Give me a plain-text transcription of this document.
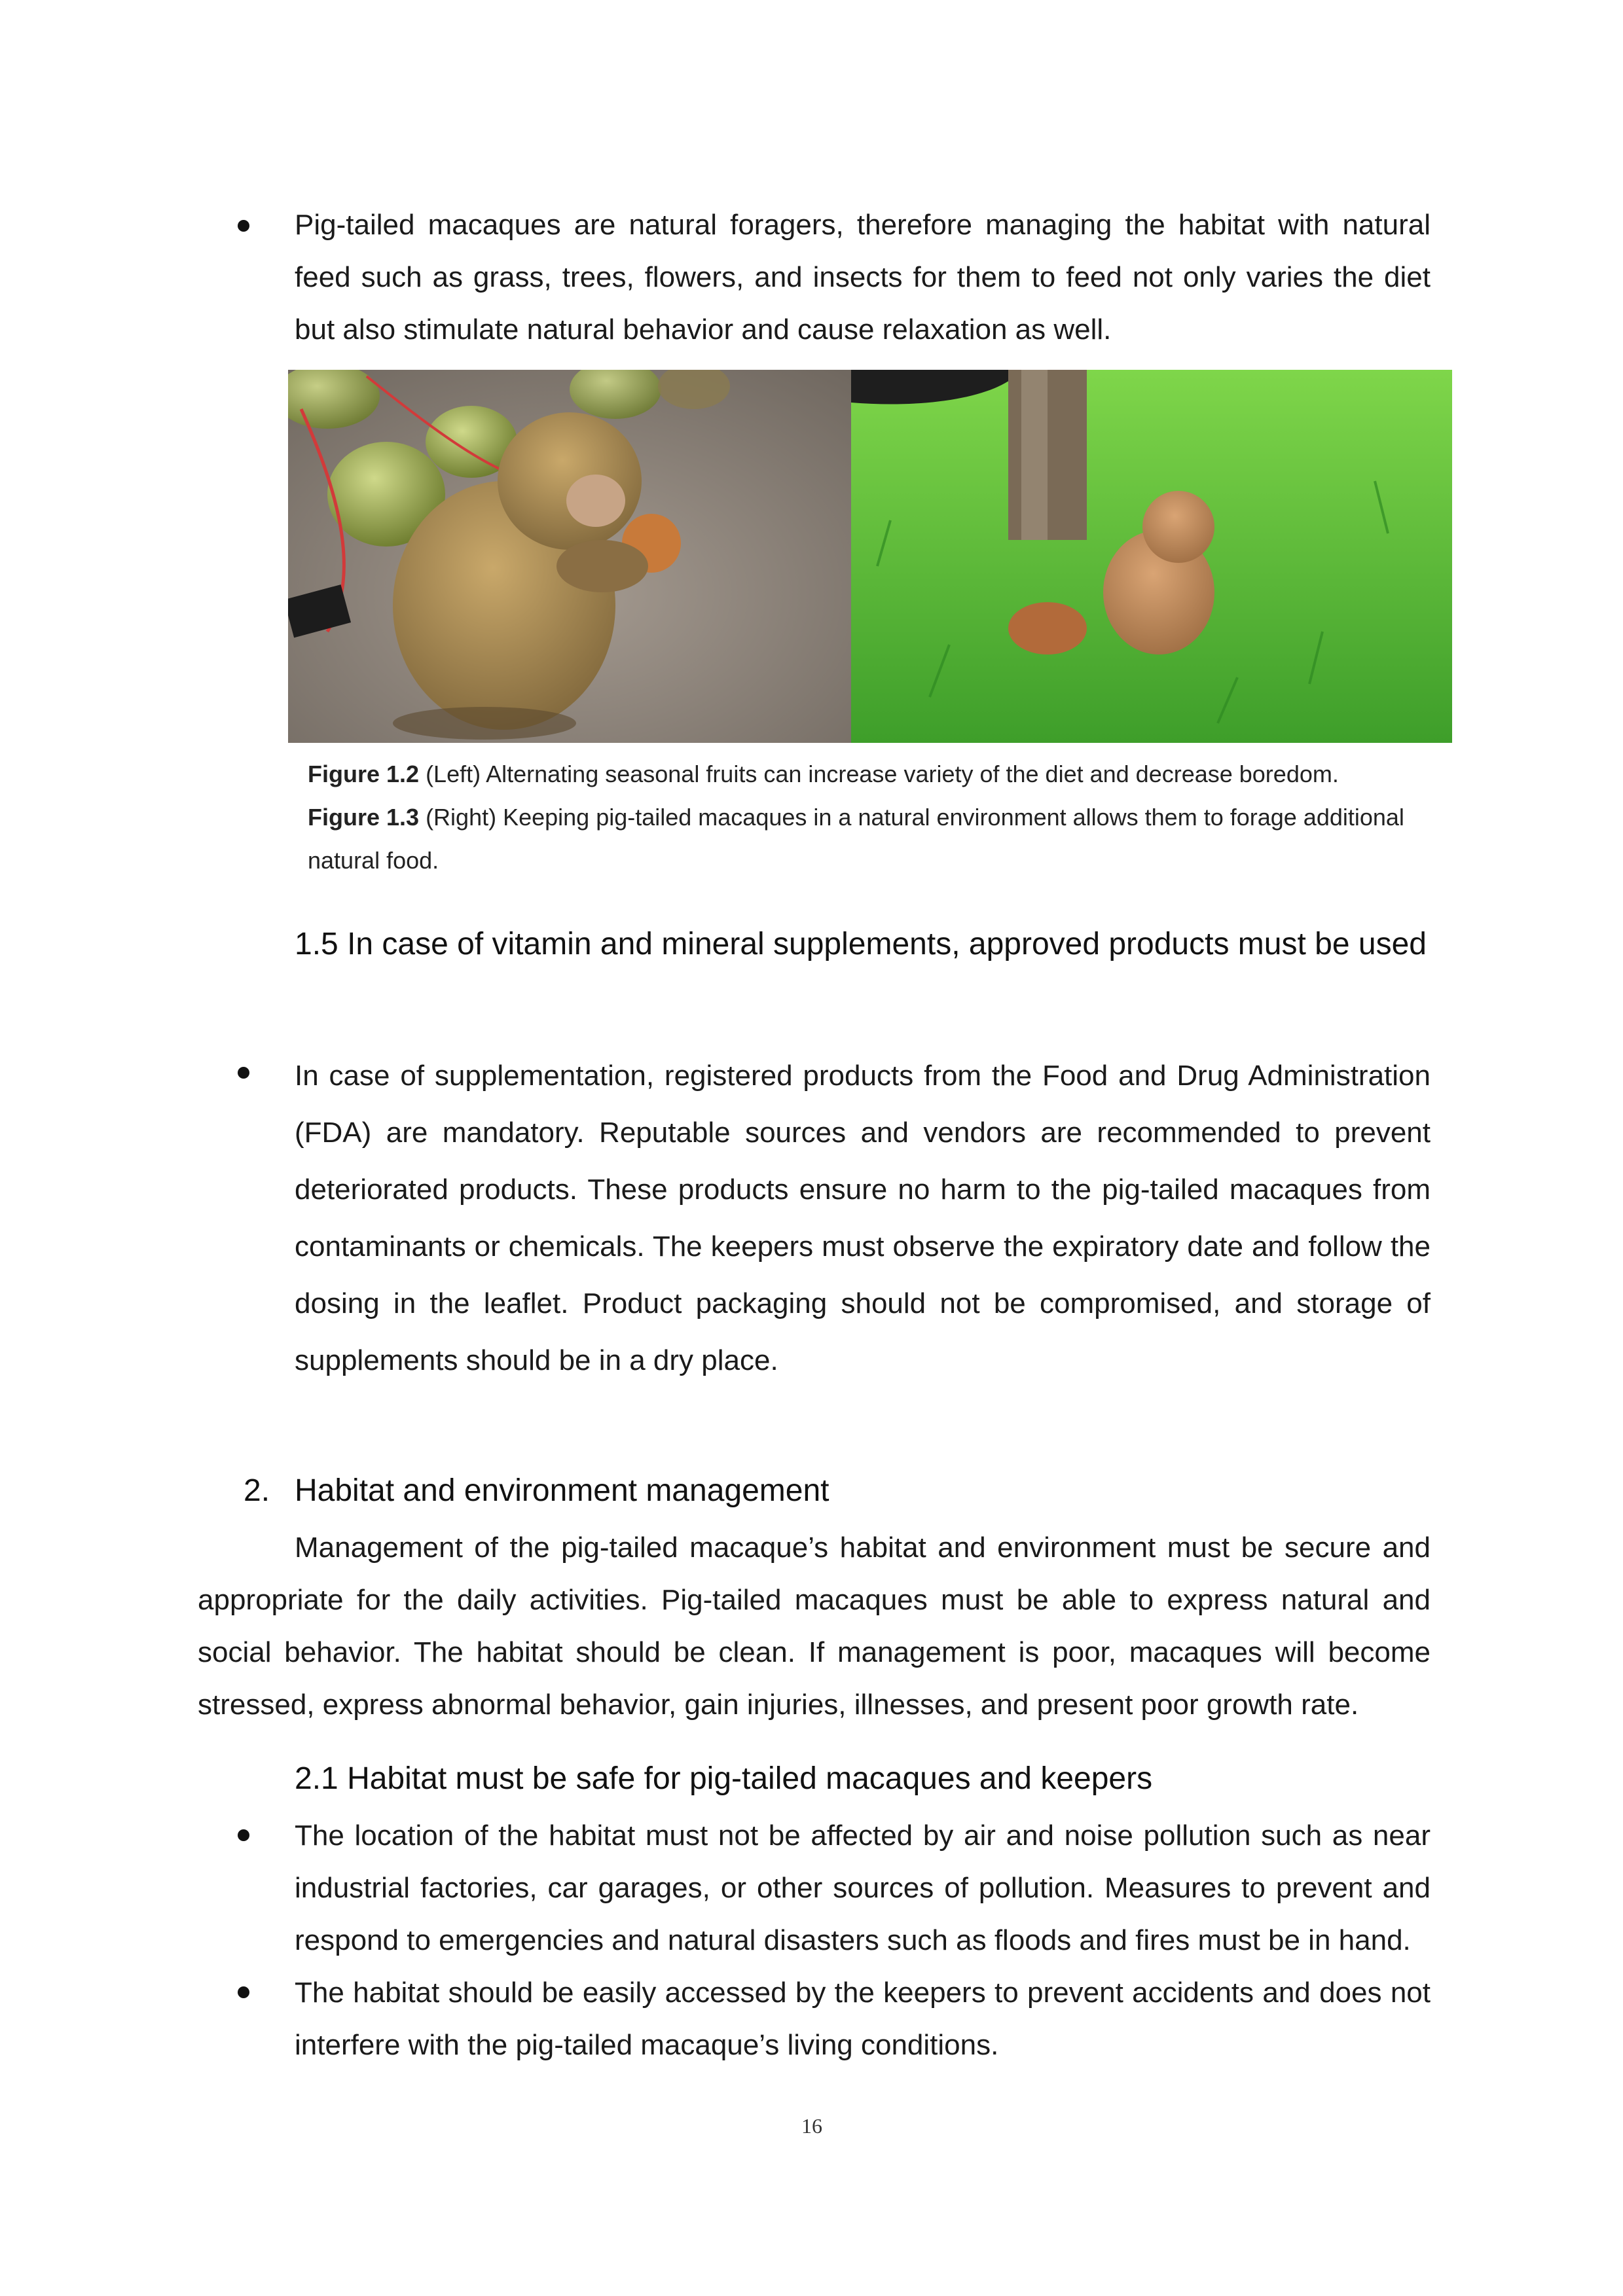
Pig-tailed macaques are natural foragers, therefore managing the habitat with natural feed such as grass, trees, flowers, and insects for them to feed not only varies the diet but also stimulate natural behavior and cause relaxation as well.
Figure 1.2 (Left) Alternating seasonal fruits can increase variety of the diet and decrease boredom.
Figure 1.3 (Right) Keeping pig-tailed macaques in a natural environment allows them to forage additional natural food.
1.5 In case of vitamin and mineral supplements, approved products must be used
In case of supplementation, registered products from the Food and Drug Administration (FDA) are mandatory. Reputable sources and vendors are recommended to prevent deteriorated products. These products ensure no harm to the pig-tailed macaques from contaminants or chemicals. The keepers must observe the expiratory date and follow the dosing in the leaflet. Product packaging should not be compromised, and storage of supplements should be in a dry place.
2. Habitat and environment management
Management of the pig-tailed macaque’s habitat and environment must be secure and appropriate for the daily activities. Pig-tailed macaques must be able to express natural and social behavior. The habitat should be clean. If management is poor, macaques will become stressed, express abnormal behavior, gain injuries, illnesses, and present poor growth rate.
2.1 Habitat must be safe for pig-tailed macaques and keepers
The location of the habitat must not be affected by air and noise pollution such as near industrial factories, car garages, or other sources of pollution. Measures to prevent and respond to emergencies and natural disasters such as floods and fires must be in hand.
The habitat should be easily accessed by the keepers to prevent accidents and does not interfere with the pig-tailed macaque’s living conditions.
16
